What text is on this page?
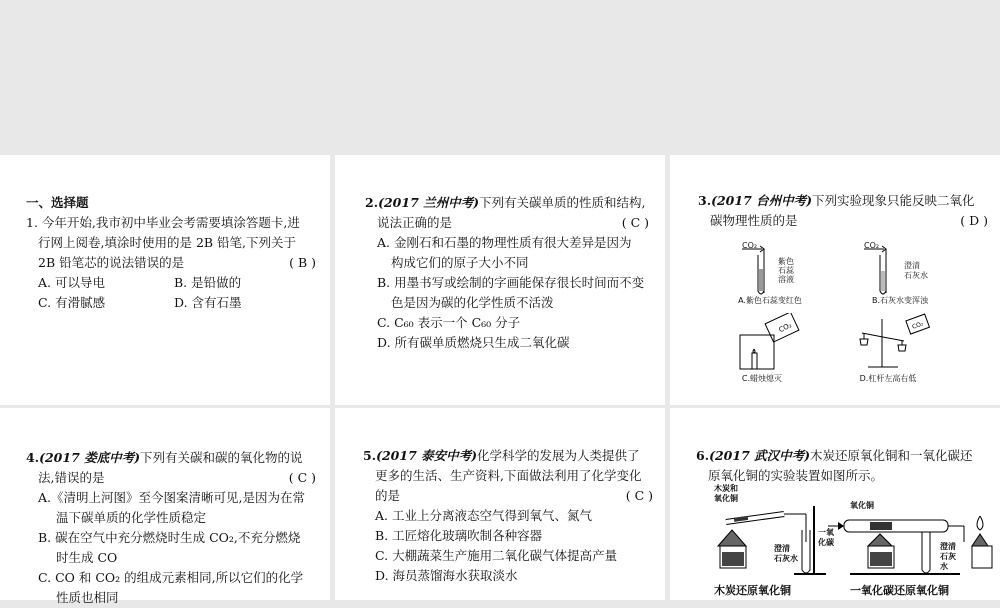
一、选择题
1. 今年开始,我市初中毕业会考需要填涂答题卡,进
行网上阅卷,填涂时使用的是 2B 铅笔,下列关于
2B 铅笔芯的说法错误的是	( B )
A. 可以导电	B. 是铅做的
C. 有滑腻感	D. 含有石墨
2.(2017 兰州中考)下列有关碳单质的性质和结构,
说法正确的是	( C )
A. 金刚石和石墨的物理性质有很大差异是因为
构成它们的原子大小不同
B. 用墨书写或绘制的字画能保存很长时间而不变
色是因为碳的化学性质不活泼
C. C₆₀ 表示一个 C₆₀ 分子
D. 所有碳单质燃烧只生成二氧化碳
3.(2017 台州中考)下列实验现象只能反映二氧化
碳物理性质的是	( D )
CO₂
紫色
石蕊
溶液
A.紫色石蕊变红色
CO₂
澄清
石灰水
B.石灰水变浑浊
CO₂
C.蜡烛熄灭
CO₂
D.杠杆左高右低
4.(2017 娄底中考)下列有关碳和碳的氧化物的说
法,错误的是	( C )
A.《清明上河图》至今图案清晰可见,是因为在常
温下碳单质的化学性质稳定
B. 碳在空气中充分燃烧时生成 CO₂,不充分燃烧
时生成 CO
C. CO 和 CO₂ 的组成元素相同,所以它们的化学
性质也相同
5.(2017 泰安中考)化学科学的发展为人类提供了
更多的生活、生产资料,下面做法利用了化学变化
的是	( C )
A. 工业上分离液态空气得到氧气、氮气
B. 工匠熔化玻璃吹制各种容器
C. 大棚蔬菜生产施用二氧化碳气体提高产量
D. 海员蒸馏海水获取淡水
6.(2017 武汉中考)木炭还原氧化铜和一氧化碳还
原氧化铜的实验装置如图所示。
木炭和
氧化铜
氧化铜
一氧
化碳
澄清
石灰水
澄清
石灰
水
木炭还原氧化铜	一氧化碳还原氧化铜
